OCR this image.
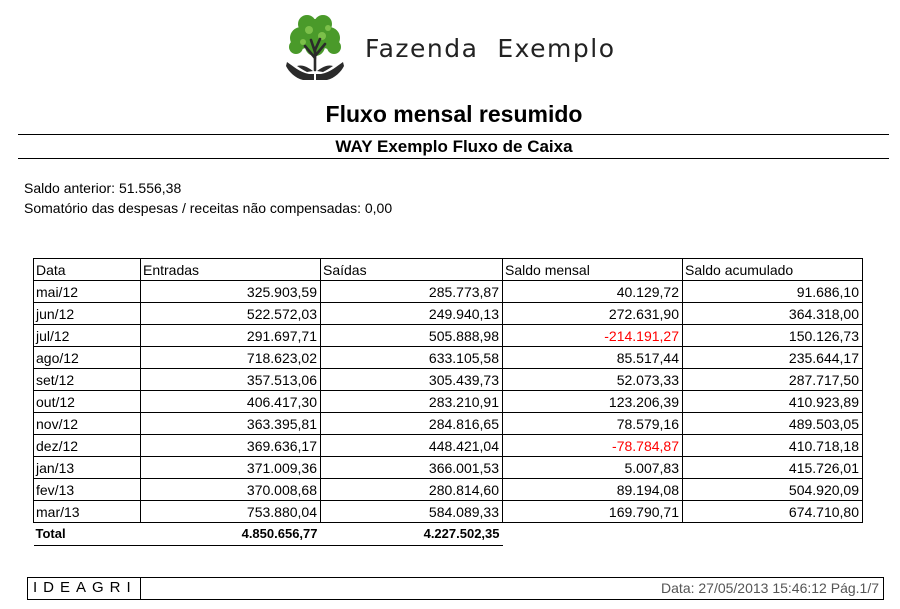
Fazenda  Exemplo
Fluxo mensal resumido
WAY Exemplo Fluxo de Caixa
Saldo anterior: 51.556,38
Somatório das despesas / receitas não compensadas: 0,00
Data	Entradas	Saídas	Saldo mensal	Saldo acumulado
mai/12	325.903,59	285.773,87	40.129,72	91.686,10
jun/12	522.572,03	249.940,13	272.631,90	364.318,00
jul/12	291.697,71	505.888,98	-214.191,27	150.126,73
ago/12	718.623,02	633.105,58	85.517,44	235.644,17
set/12	357.513,06	305.439,73	52.073,33	287.717,50
out/12	406.417,30	283.210,91	123.206,39	410.923,89
nov/12	363.395,81	284.816,65	78.579,16	489.503,05
dez/12	369.636,17	448.421,04	-78.784,87	410.718,18
jan/13	371.009,36	366.001,53	5.007,83	415.726,01
fev/13	370.008,68	280.814,60	89.194,08	504.920,09
mar/13	753.880,04	584.089,33	169.790,71	674.710,80
Total	4.850.656,77	4.227.502,35		
IDEAGRI	Data: 27/05/2013 15:46:12 Pág.1/7
